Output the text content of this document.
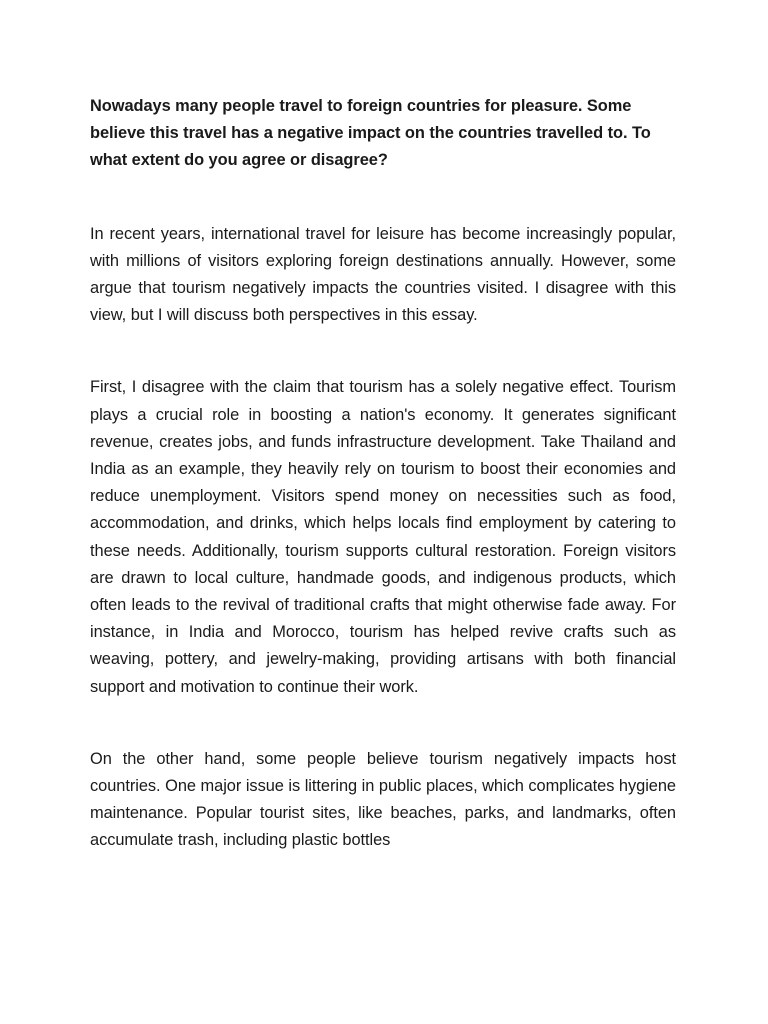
Nowadays many people travel to foreign countries for pleasure. Some believe this travel has a negative impact on the countries travelled to. To what extent do you agree or disagree?

In recent years, international travel for leisure has become increasingly popular, with millions of visitors exploring foreign destinations annually. However, some argue that tourism negatively impacts the countries visited. I disagree with this view, but I will discuss both perspectives in this essay.

First, I disagree with the claim that tourism has a solely negative effect. Tourism plays a crucial role in boosting a nation's economy. It generates significant revenue, creates jobs, and funds infrastructure development. Take Thailand and India as an example, they heavily rely on tourism to boost their economies and reduce unemployment. Visitors spend money on necessities such as food, accommodation, and drinks, which helps locals find employment by catering to these needs. Additionally, tourism supports cultural restoration. Foreign visitors are drawn to local culture, handmade goods, and indigenous products, which often leads to the revival of traditional crafts that might otherwise fade away. For instance, in India and Morocco, tourism has helped revive crafts such as weaving, pottery, and jewelry-making, providing artisans with both financial support and motivation to continue their work.

On the other hand, some people believe tourism negatively impacts host countries. One major issue is littering in public places, which complicates hygiene maintenance. Popular tourist sites, like beaches, parks, and landmarks, often accumulate trash, including plastic bottles
